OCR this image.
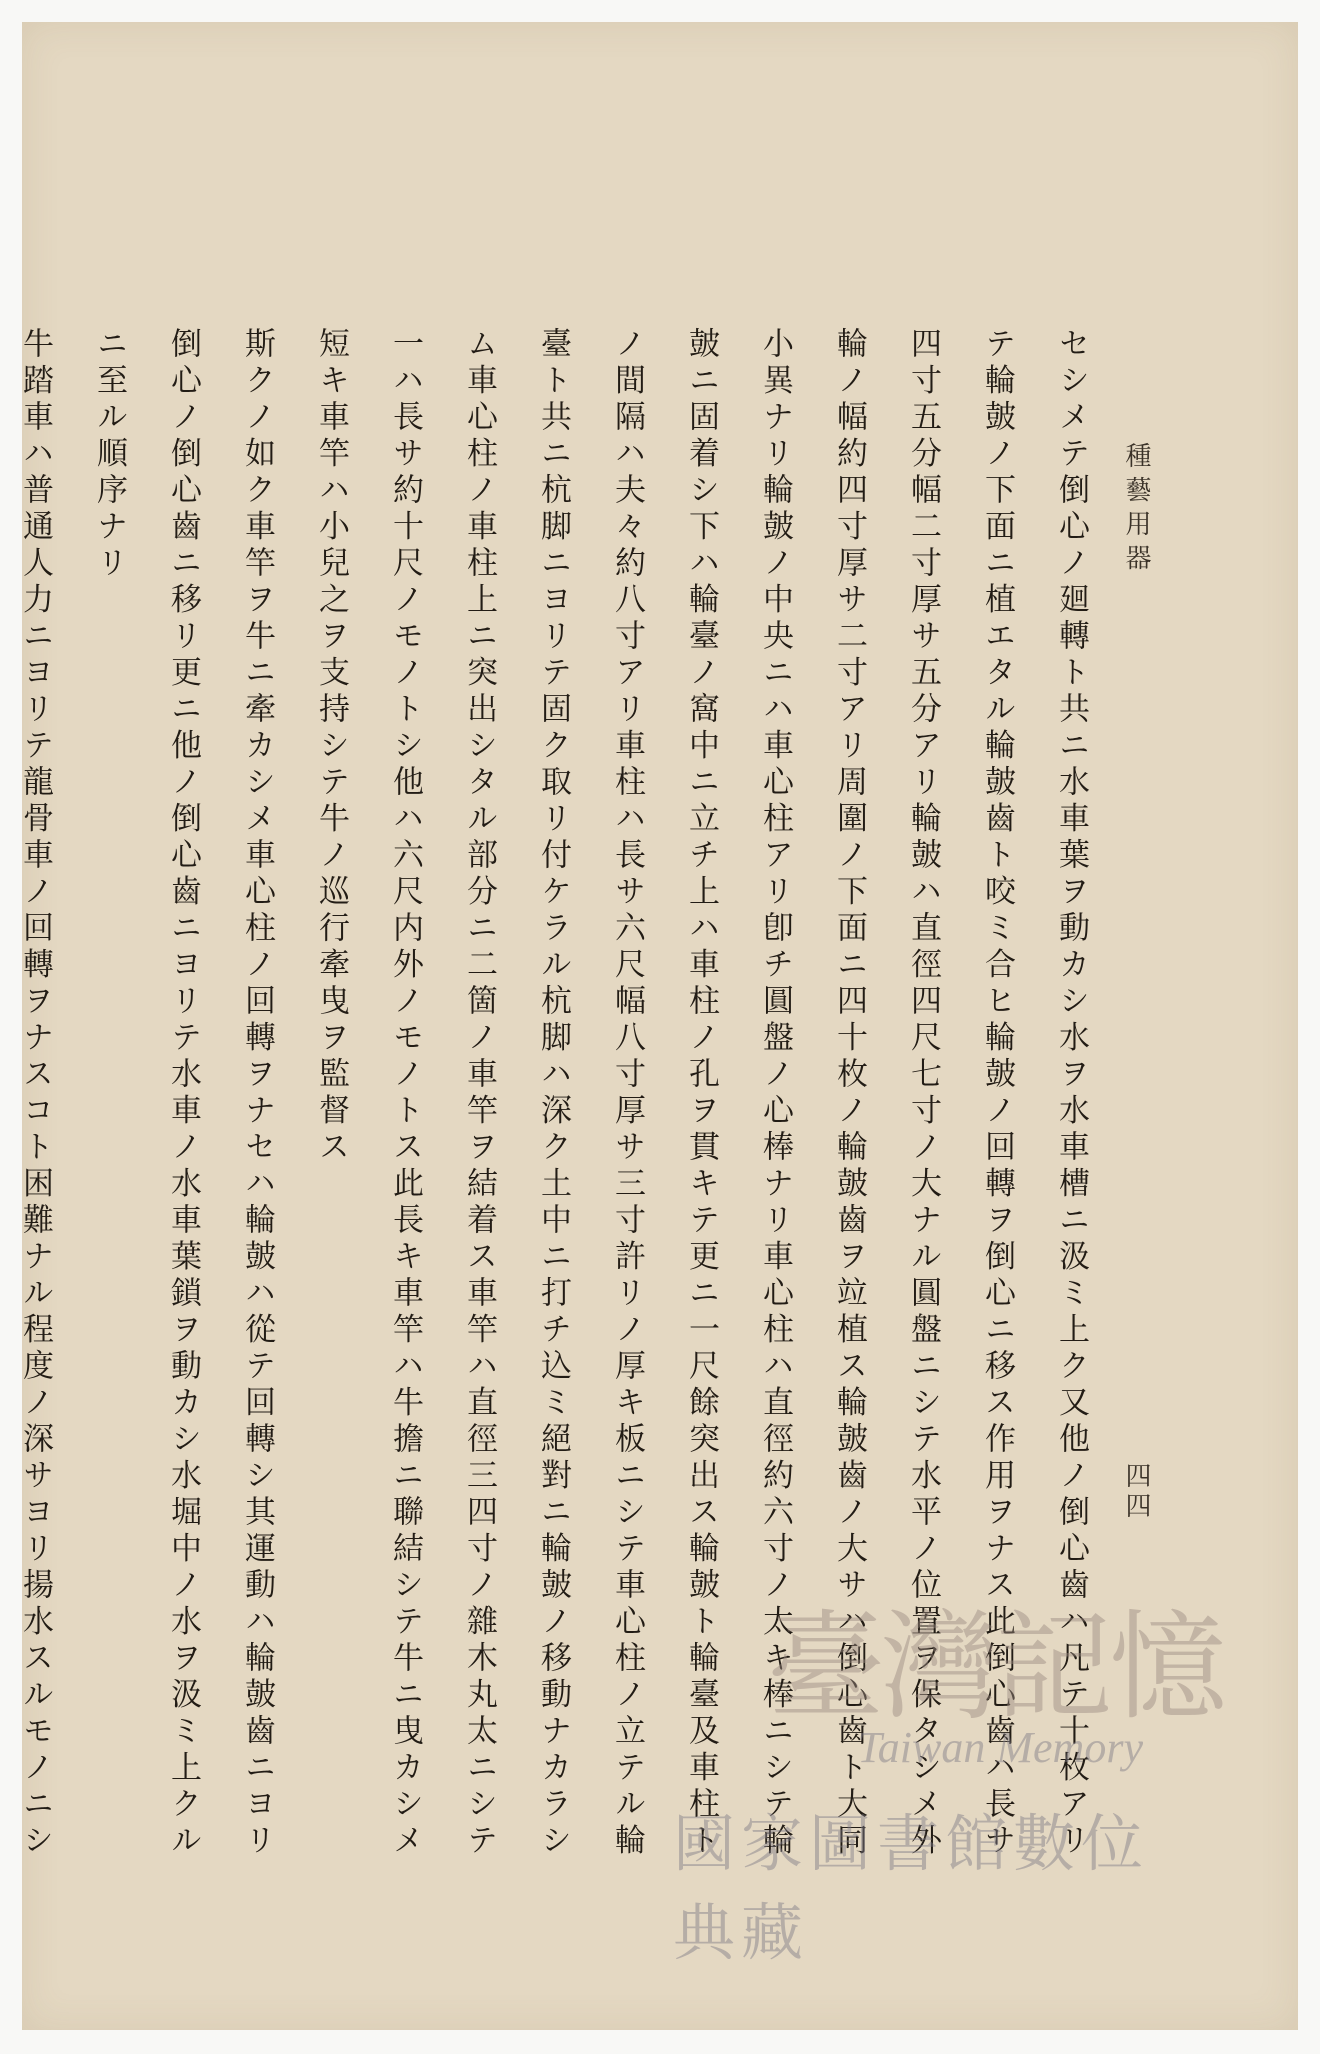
種藝用器
四四
セシメテ倒心ノ廻轉ト共ニ水車葉ヲ動カシ水ヲ水車槽ニ汲ミ上ク又他ノ倒心齒ハ凡テ十枚アリ
テ輪皷ノ下面ニ植エタル輪皷齒ト咬ミ合ヒ輪皷ノ回轉ヲ倒心ニ移ス作用ヲナス此倒心齒ハ長サ
四寸五分幅二寸厚サ五分アリ輪皷ハ直徑四尺七寸ノ大ナル圓盤ニシテ水平ノ位置ヲ保タシメ外
輪ノ幅約四寸厚サ二寸アリ周圍ノ下面ニ四十枚ノ輪皷齒ヲ竝植ス輪皷齒ノ大サハ倒心齒ト大同
小異ナリ輪皷ノ中央ニハ車心柱アリ卽チ圓盤ノ心棒ナリ車心柱ハ直徑約六寸ノ太キ棒ニシテ輪
皷ニ固着シ下ハ輪臺ノ窩中ニ立チ上ハ車柱ノ孔ヲ貫キテ更ニ一尺餘突出ス輪皷ト輪臺及車柱ト
ノ間隔ハ夫々約八寸アリ車柱ハ長サ六尺幅八寸厚サ三寸許リノ厚キ板ニシテ車心柱ノ立テル輪
臺ト共ニ杭脚ニヨリテ固ク取リ付ケラル杭脚ハ深ク土中ニ打チ込ミ絕對ニ輪皷ノ移動ナカラシ
ム車心柱ノ車柱上ニ突出シタル部分ニ二箇ノ車竿ヲ結着ス車竿ハ直徑三四寸ノ雜木丸太ニシテ
一ハ長サ約十尺ノモノトシ他ハ六尺内外ノモノトス此長キ車竿ハ牛擔ニ聯結シテ牛ニ曳カシメ
短キ車竿ハ小兒之ヲ支持シテ牛ノ巡行牽曳ヲ監督ス
斯クノ如ク車竿ヲ牛ニ牽カシメ車心柱ノ回轉ヲナセハ輪皷ハ從テ回轉シ其運動ハ輪皷齒ニヨリ
倒心ノ倒心齒ニ移リ更ニ他ノ倒心齒ニヨリテ水車ノ水車葉鎖ヲ動カシ水堀中ノ水ヲ汲ミ上クル
ニ至ル順序ナリ
牛踏車ハ普通人力ニヨリテ龍骨車ノ回轉ヲナスコト困難ナル程度ノ深サヨリ揚水スルモノニシ	臺灣記憶
Taiwan Memory
國家圖書館數位典藏
